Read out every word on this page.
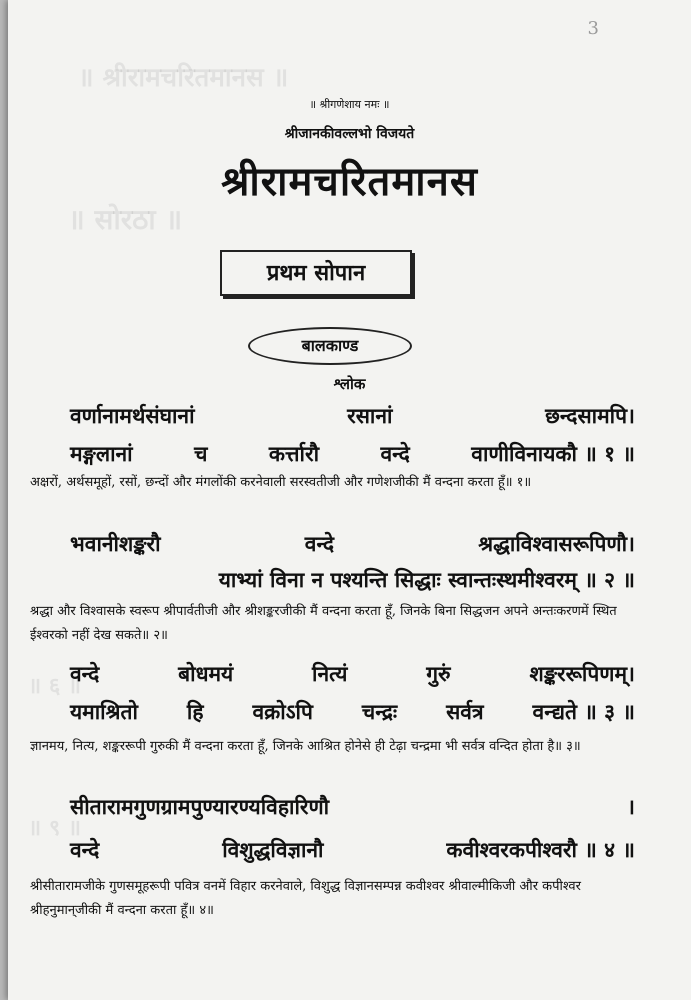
॥ श्रीरामचरितमानस ॥
॥ सोरठा ॥
॥ ६ ॥
॥ ९ ॥
3
॥ श्रीगणेशाय नमः ॥
श्रीजानकीवल्लभो विजयते
श्रीरामचरितमानस
प्रथम सोपान
बालकाण्ड
श्लोक
वर्णानामर्थसंघानां	रसानां	छन्दसामपि।
मङ्गलानां	च	कर्त्तारौ	वन्दे	वाणीविनायकौ ॥ १ ॥
अक्षरों, अर्थसमूहों, रसों, छन्दों और मंगलोंकी करनेवाली सरस्वतीजी और गणेशजीकी मैं वन्दना करता हूँ॥ १॥
भवानीशङ्करौ	वन्दे	श्रद्धाविश्वासरूपिणौ।
याभ्यां विना न पश्यन्ति सिद्धाः स्वान्तःस्थमीश्वरम् ॥ २ ॥
श्रद्धा और विश्वासके स्वरूप श्रीपार्वतीजी और श्रीशङ्करजीकी मैं वन्दना करता हूँ, जिनके बिना सिद्धजन अपने अन्तःकरणमें स्थित ईश्वरको नहीं देख सकते॥ २॥
वन्दे	बोधमयं	नित्यं	गुरुं	शङ्कररूपिणम्।
यमाश्रितो हि वक्रोऽपि चन्द्रः सर्वत्र वन्द्यते ॥ ३ ॥
ज्ञानमय, नित्य, शङ्कररूपी गुरुकी मैं वन्दना करता हूँ, जिनके आश्रित होनेसे ही टेढ़ा चन्द्रमा भी सर्वत्र वन्दित होता है॥ ३॥
सीतारामगुणग्रामपुण्यारण्यविहारिणौ	।
वन्दे	विशुद्धविज्ञानौ	कवीश्वरकपीश्वरौ ॥ ४ ॥
श्रीसीतारामजीके गुणसमूहरूपी पवित्र वनमें विहार करनेवाले, विशुद्ध विज्ञानसम्पन्न कवीश्वर श्रीवाल्मीकिजी और कपीश्वर श्रीहनुमान्‌जीकी मैं वन्दना करता हूँ॥ ४॥
